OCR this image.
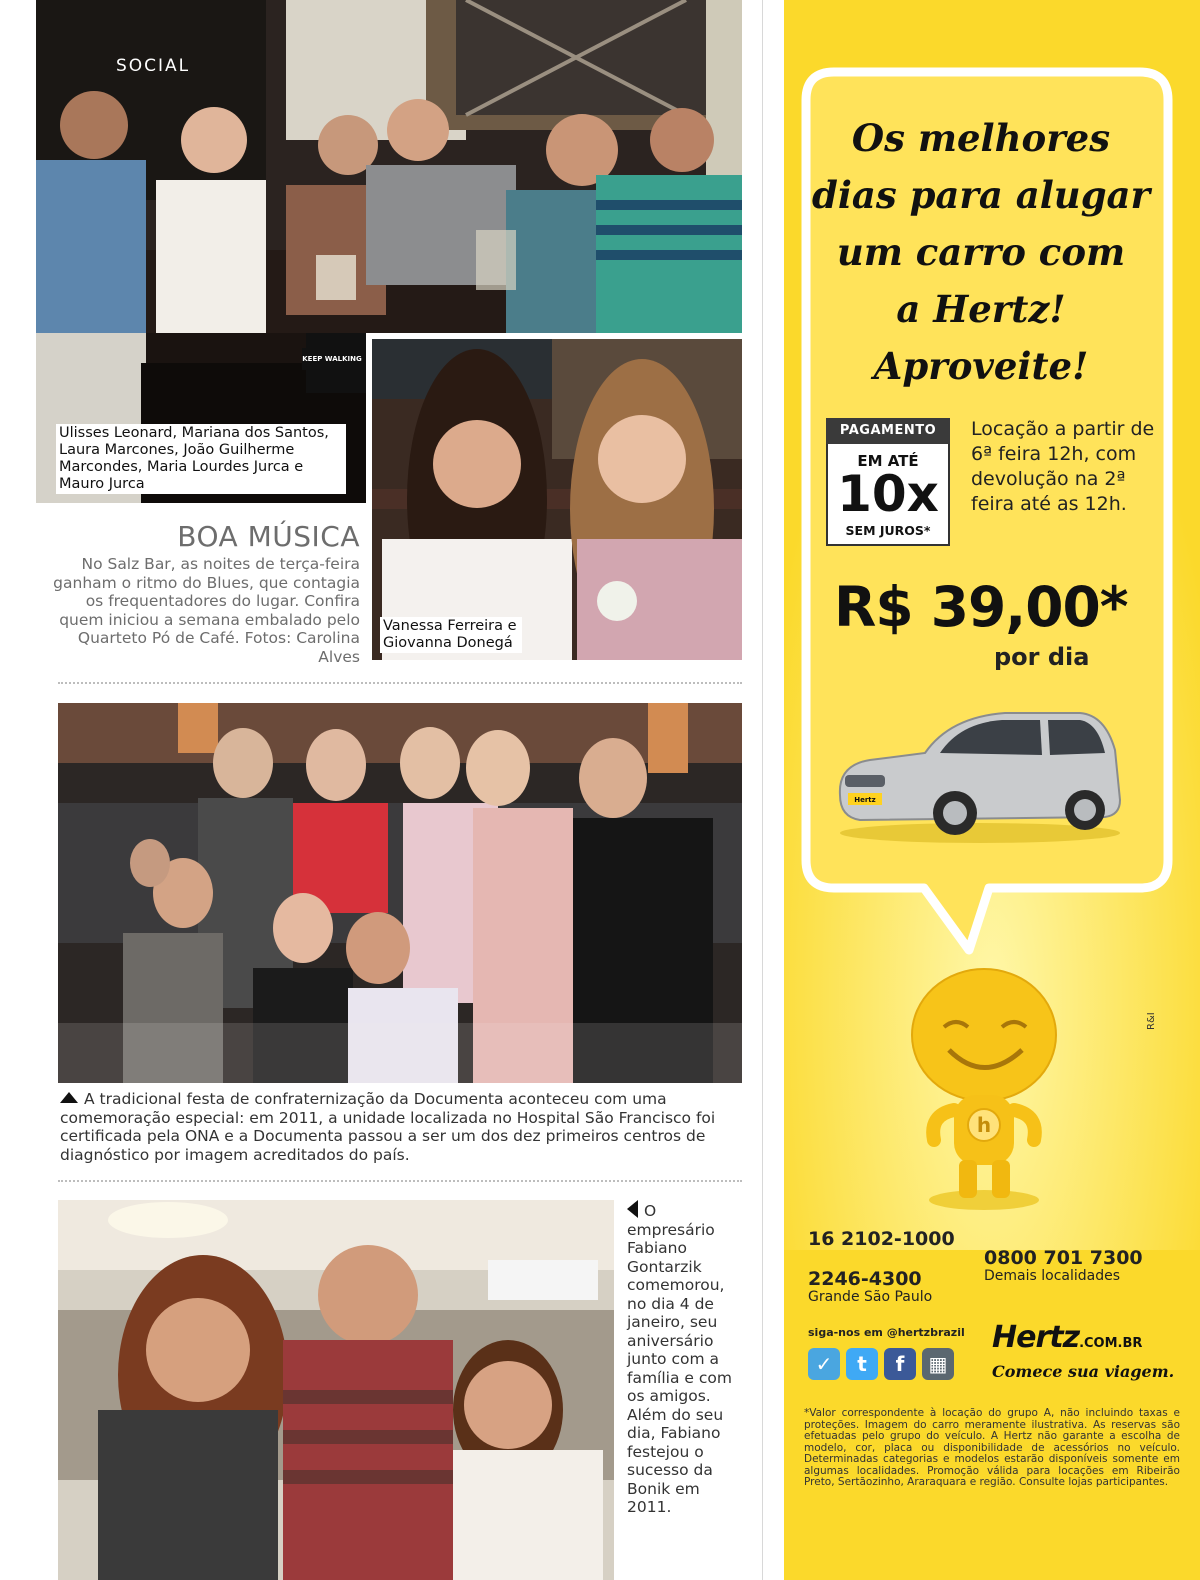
SOCIAL
KEEP WALKING
Ulisses Leonard, Mariana dos Santos, Laura Marcones, João Guilherme Marcondes, Maria Lourdes Jurca e Mauro Jurca
Vanessa Ferreira e Giovanna Donegá
BOA MÚSICA
No Salz Bar, as noites de terça-feira ganham o ritmo do Blues, que contagia os frequentadores do lugar. Confira quem iniciou a semana embalado pelo Quarteto Pó de Café. Fotos: Carolina Alves
A tradicional festa de confraternização da Documenta aconteceu com uma comemoração especial: em 2011, a unidade localizada no Hospital São Francisco foi certificada pela ONA e a Documenta passou a ser um dos dez primeiros centros de diagnóstico por imagem acreditados do país.
O empresário Fabiano Gontarzik comemorou, no dia 4 de janeiro, seu aniversário junto com a família e com os amigos. Além do seu dia, Fabiano festejou o sucesso da Bonik em 2011.
Os melhores
dias para alugar
um carro com
a Hertz!
Aproveite!
PAGAMENTO
EM ATÉ
10x
SEM JUROS*
Locação a partir de 6ª feira 12h, com devolução na 2ª feira até as 12h.
R$ 39,00*
por dia
Hertz
h
16 2102-1000
2246-4300
Grande São Paulo
0800 701 7300
Demais localidades
siga-nos em @hertzbrazil
✓	t	f	▦
Hertz.COM.BR
Comece sua viagem.
*Valor correspondente à locação do grupo A, não incluindo taxas e proteções. Imagem do carro meramente ilustrativa. As reservas são efetuadas pelo grupo do veículo. A Hertz não garante a escolha de modelo, cor, placa ou disponibilidade de acessórios no veículo. Determinadas categorias e modelos estarão disponíveis somente em algumas localidades. Promoção válida para locações em Ribeirão Preto, Sertãozinho, Araraquara e região. Consulte lojas participantes.
R&I
